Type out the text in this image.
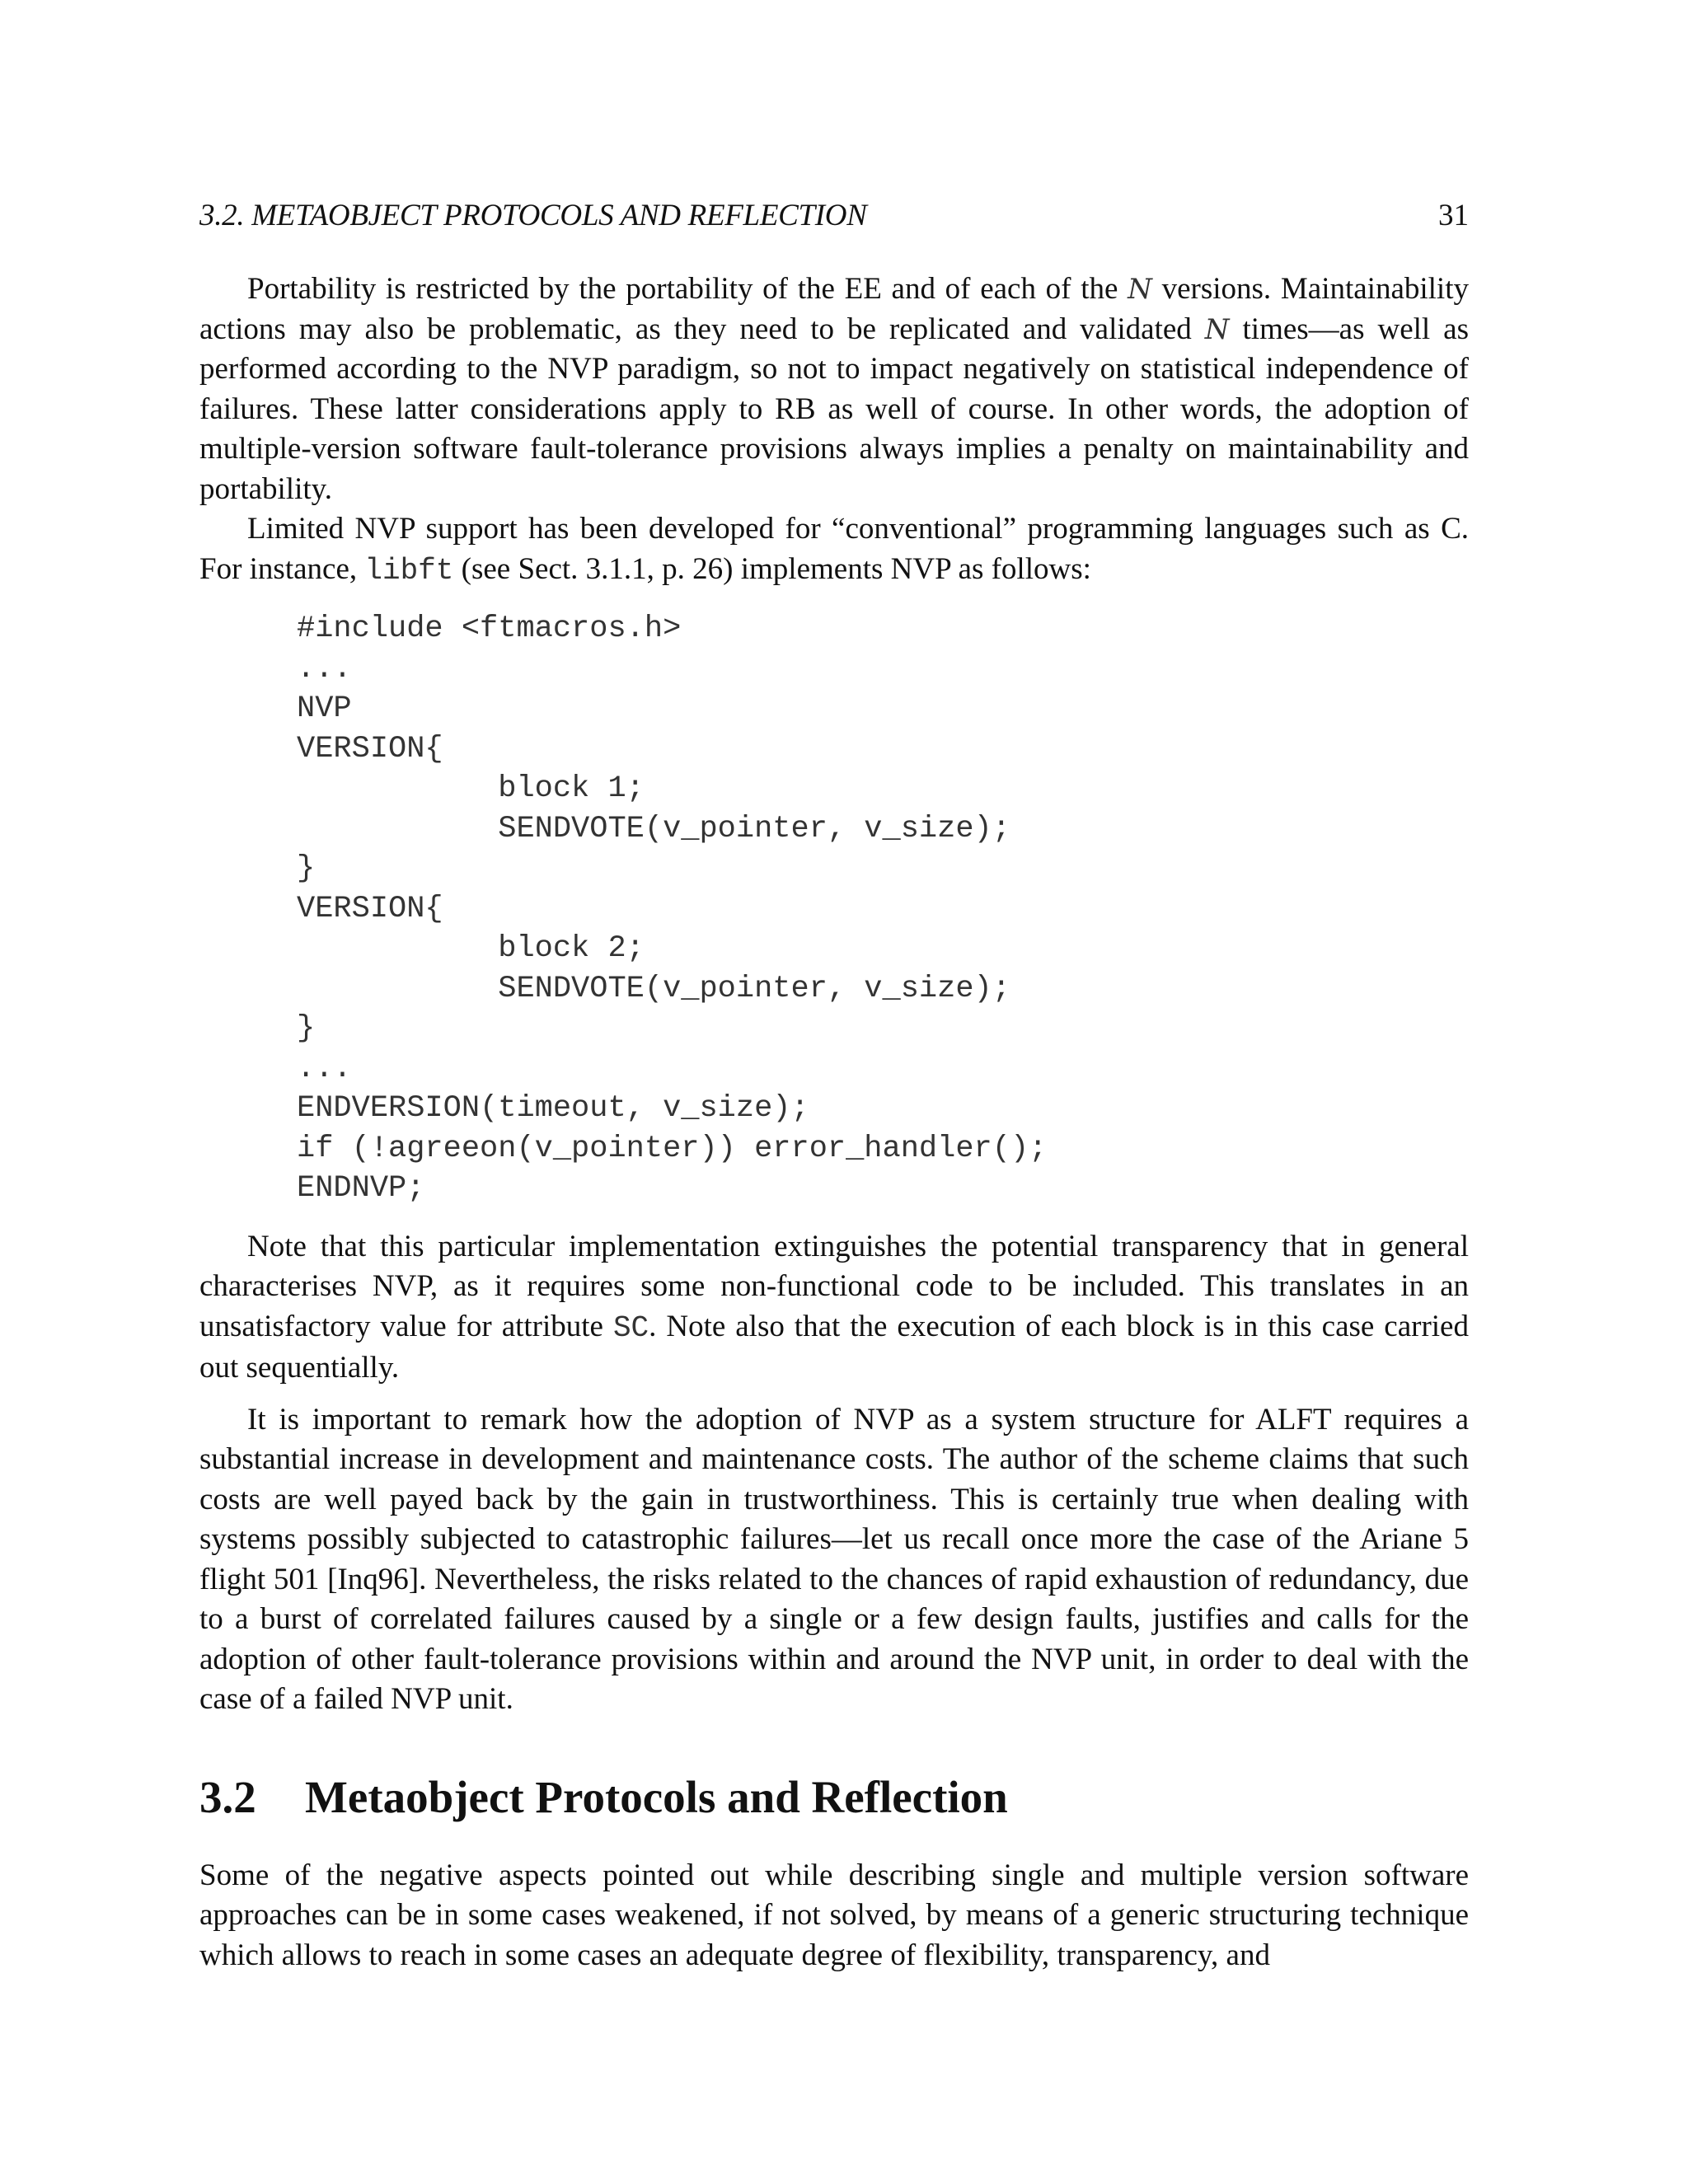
3.2. METAOBJECT PROTOCOLS AND REFLECTION	31

Portability is restricted by the portability of the EE and of each of the N versions. Maintainability actions may also be problematic, as they need to be replicated and validated N times—as well as performed according to the NVP paradigm, so not to impact negatively on statistical independence of failures. These latter considerations apply to RB as well of course. In other words, the adoption of multiple-version software fault-tolerance provisions always implies a penalty on maintainability and portability.

Limited NVP support has been developed for “conventional” programming languages such as C. For instance, libft (see Sect. 3.1.1, p. 26) implements NVP as follows:

#include <ftmacros.h>
...
NVP
VERSION{
block 1;
SENDVOTE(v_pointer, v_size);
}
VERSION{
block 2;
SENDVOTE(v_pointer, v_size);
}
...
ENDVERSION(timeout, v_size);
if (!agreeon(v_pointer)) error_handler();
ENDNVP;

Note that this particular implementation extinguishes the potential transparency that in general characterises NVP, as it requires some non-functional code to be included. This translates in an unsatisfactory value for attribute SC. Note also that the execution of each block is in this case carried out sequentially.

It is important to remark how the adoption of NVP as a system structure for ALFT requires a substantial increase in development and maintenance costs. The author of the scheme claims that such costs are well payed back by the gain in trustworthiness. This is certainly true when dealing with systems possibly subjected to catastrophic failures—let us recall once more the case of the Ariane 5 flight 501 [Inq96]. Nevertheless, the risks related to the chances of rapid exhaustion of redundancy, due to a burst of correlated failures caused by a single or a few design faults, justifies and calls for the adoption of other fault-tolerance provisions within and around the NVP unit, in order to deal with the case of a failed NVP unit.

3.2	Metaobject Protocols and Reflection

Some of the negative aspects pointed out while describing single and multiple version software approaches can be in some cases weakened, if not solved, by means of a generic structuring technique which allows to reach in some cases an adequate degree of flexibility, transparency, and
